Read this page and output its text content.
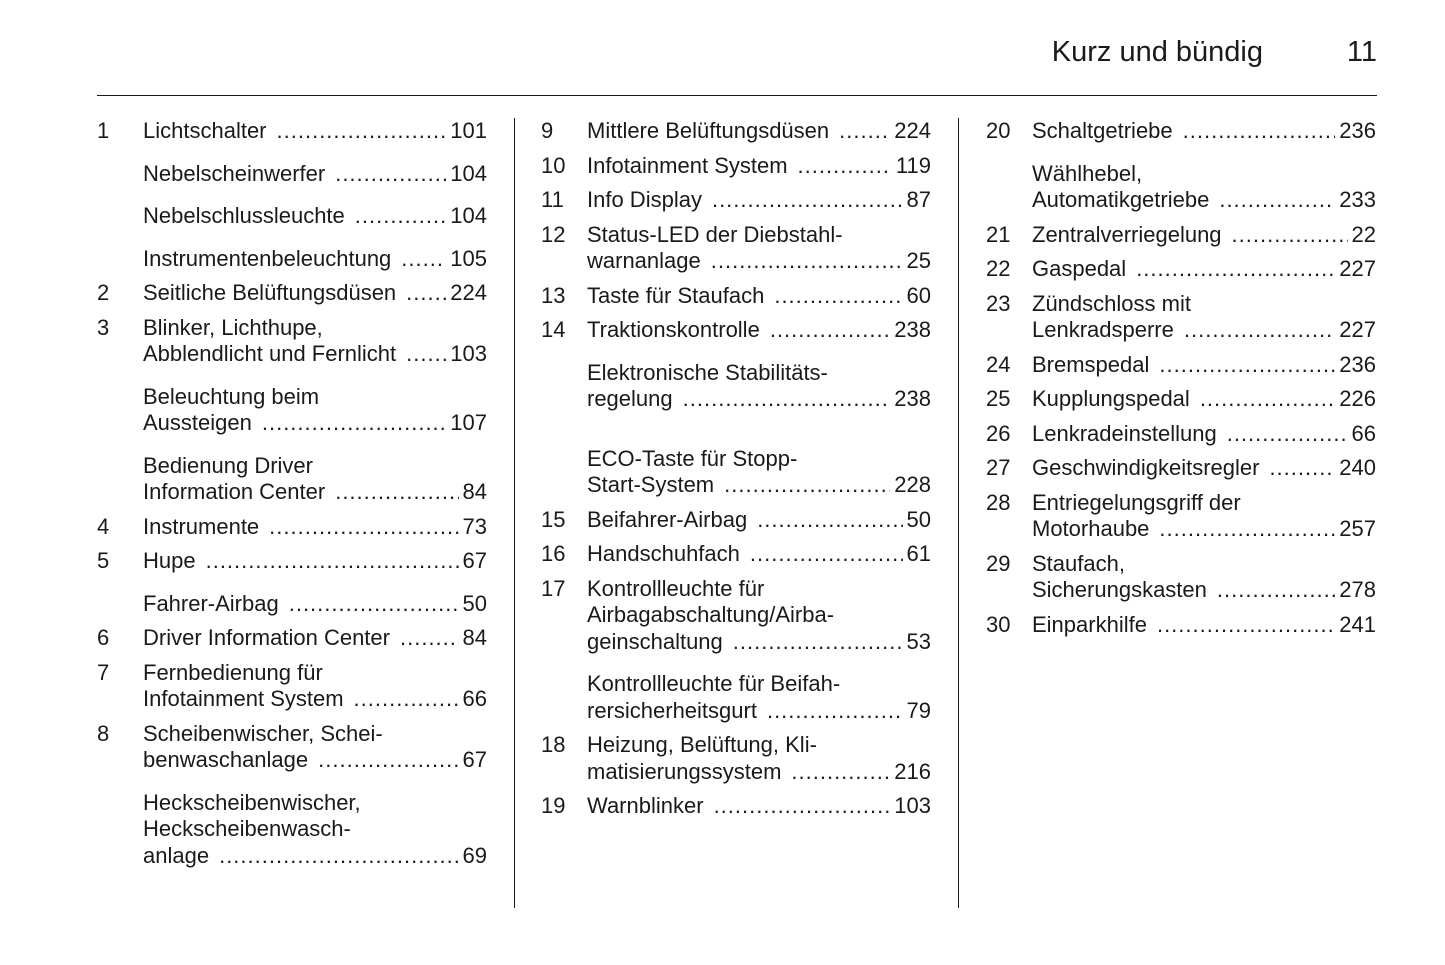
Kurz und bündig	11
1 Lichtschalter .....	101
Nebelscheinwerfer .....	104
Nebelschlussleuchte .....	104
Instrumentenbeleuchtung .....	105
2 Seitliche Belüftungsdüsen ..... 224
3 Blinker, Lichthupe,
Abblendlicht und Fernlicht ..... 103
Beleuchtung beim
Aussteigen .....	107
Bedienung Driver
Information Center .....	84
4 Instrumente .....	73
5 Hupe .....	67
Fahrer-Airbag .....	50
6 Driver Information Center .....	84
7 Fernbedienung für
Infotainment System .....	66
8 Scheibenwischer, Schei-
benwaschanlage .....	67
Heckscheibenwischer,
Heckscheibenwasch-
anlage .....	69
9 Mittlere Belüftungsdüsen .....	224
10 Infotainment System .....	119
11 Info Display .....	87
12 Status-LED der Diebstahl-
warnanlage .....	25
13 Taste für Staufach .....	60
14 Traktionskontrolle .....	238
Elektronische Stabilitäts-
regelung .....	238
ECO-Taste für Stopp-
Start-System .....	228
15 Beifahrer-Airbag .....	50
16 Handschuhfach .....	61
17 Kontrollleuchte für
Airbagabschaltung/Airba-
geinschaltung .....	53
Kontrollleuchte für Beifah-
rersicherheitsgurt .....	79
18 Heizung, Belüftung, Kli-
matisierungssystem .....	216
19 Warnblinker .....	103
20 Schaltgetriebe .....	236
Wählhebel,
Automatikgetriebe .....	233
21 Zentralverriegelung .....	22
22 Gaspedal .....	227
23 Zündschloss mit
Lenkradsperre .....	227
24 Bremspedal .....	236
25 Kupplungspedal .....	226
26 Lenkradeinstellung .....	66
27 Geschwindigkeitsregler .....	240
28 Entriegelungsgriff der
Motorhaube .....	257
29 Staufach,
Sicherungskasten .....	278
30 Einparkhilfe .....	241
